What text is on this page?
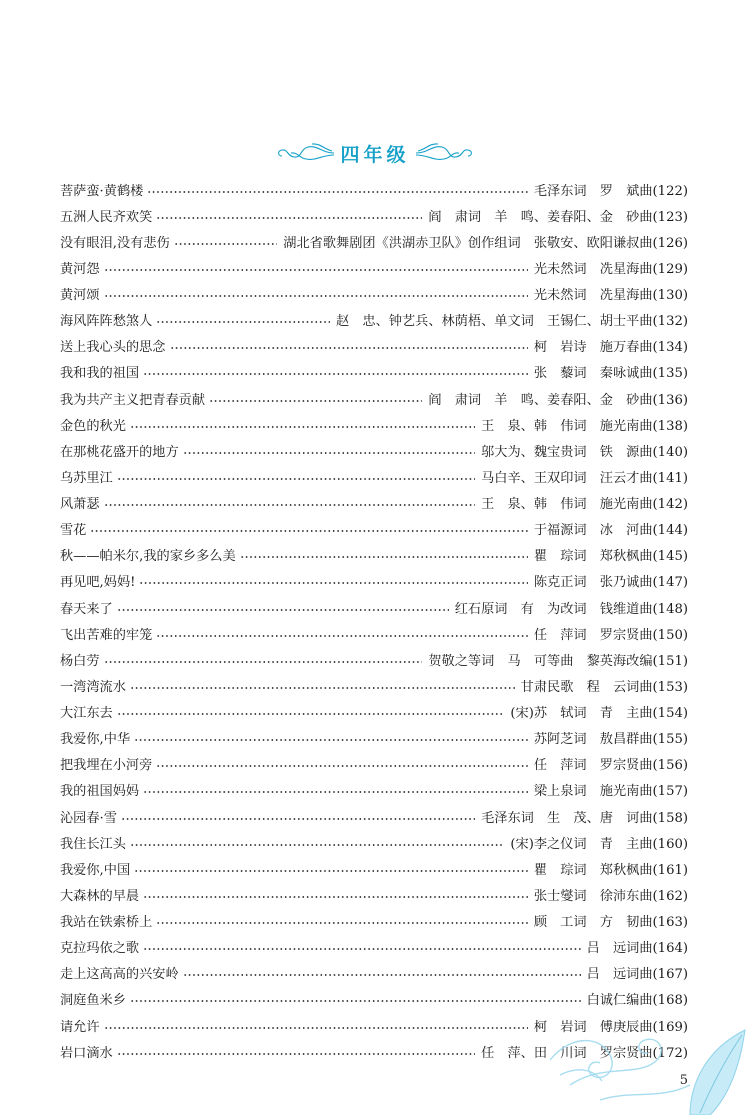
四年级
菩萨蛮·黄鹤楼	毛泽东词　罗　斌曲(122)
五洲人民齐欢笑	阎　肃词　羊　鸣、姜春阳、金　砂曲(123)
没有眼泪,没有悲伤	湖北省歌舞剧团《洪湖赤卫队》创作组词　张敬安、欧阳谦叔曲(126)
黄河怨	光未然词　冼星海曲(129)
黄河颂	光未然词　冼星海曲(130)
海风阵阵愁煞人	赵　忠、钟艺兵、林荫梧、单文词　王锡仁、胡士平曲(132)
送上我心头的思念	柯　岩诗　施万春曲(134)
我和我的祖国	张　藜词　秦咏诚曲(135)
我为共产主义把青春贡献	阎　肃词　羊　鸣、姜春阳、金　砂曲(136)
金色的秋光	王　泉、韩　伟词　施光南曲(138)
在那桃花盛开的地方	邬大为、魏宝贵词　铁　源曲(140)
乌苏里江	马白辛、王双印词　汪云才曲(141)
风萧瑟	王　泉、韩　伟词　施光南曲(142)
雪花	于福源词　冰　河曲(144)
秋——帕米尔,我的家乡多么美	瞿　琮词　郑秋枫曲(145)
再见吧,妈妈!	陈克正词　张乃诚曲(147)
春天来了	红石原词　有　为改词　钱维道曲(148)
飞出苦难的牢笼	任　萍词　罗宗贤曲(150)
杨白劳	贺敬之等词　马　可等曲　黎英海改编(151)
一湾湾流水	甘肃民歌　程　云词曲(153)
大江东去	(宋)苏　轼词　青　主曲(154)
我爱你,中华	苏阿芝词　敖昌群曲(155)
把我埋在小河旁	任　萍词　罗宗贤曲(156)
我的祖国妈妈	梁上泉词　施光南曲(157)
沁园春·雪	毛泽东词　生　茂、唐　诃曲(158)
我住长江头	(宋)李之仪词　青　主曲(160)
我爱你,中国	瞿　琮词　郑秋枫曲(161)
大森林的早晨	张士燮词　徐沛东曲(162)
我站在铁索桥上	顾　工词　方　韧曲(163)
克拉玛依之歌	吕　远词曲(164)
走上这高高的兴安岭	吕　远词曲(167)
洞庭鱼米乡	白诚仁编曲(168)
请允许	柯　岩词　傅庚辰曲(169)
岩口滴水	任　萍、田　川词　罗宗贤曲(172)
5
